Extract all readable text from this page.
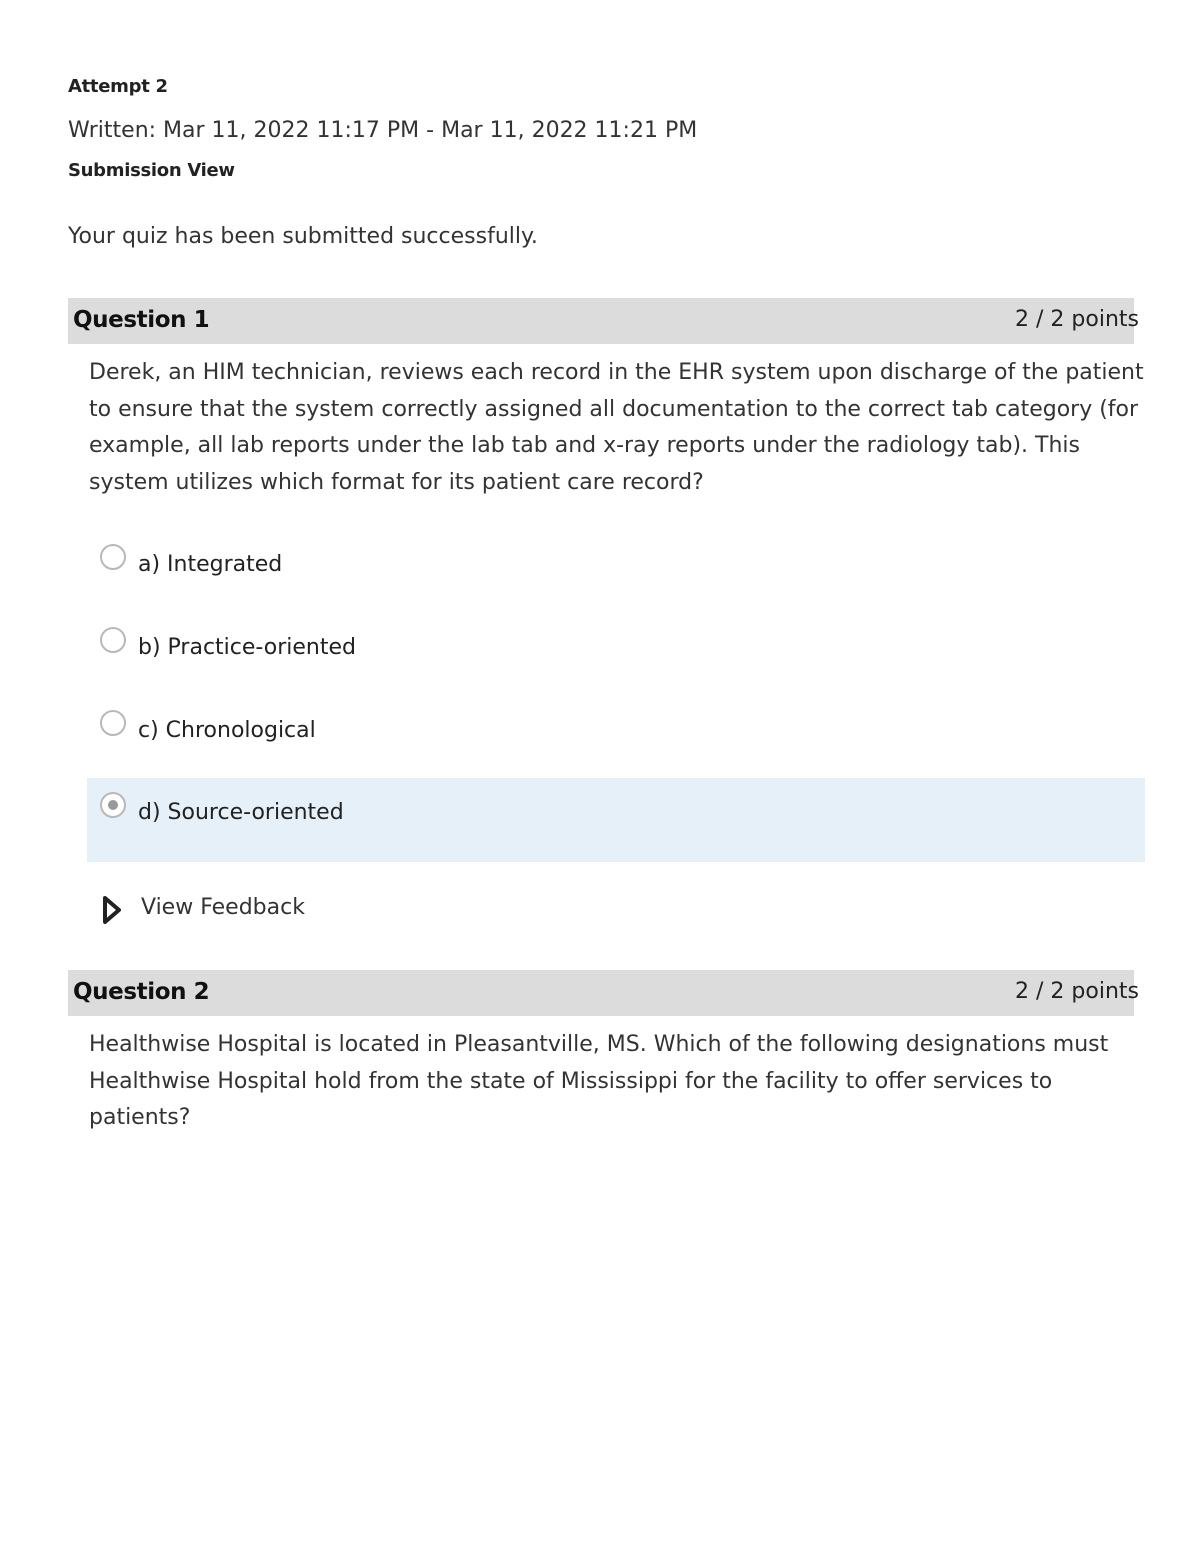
Attempt 2
Written: Mar 11, 2022 11:17 PM - Mar 11, 2022 11:21 PM
Submission View
Your quiz has been submitted successfully.
Question 1	2 / 2 points
Derek, an HIM technician, reviews each record in the EHR system upon discharge of the patient to ensure that the system correctly assigned all documentation to the correct tab category (for example, all lab reports under the lab tab and x-ray reports under the radiology tab). This system utilizes which format for its patient care record?
a) Integrated
b) Practice-oriented
c) Chronological
d) Source-oriented
View Feedback
Question 2	2 / 2 points
Healthwise Hospital is located in Pleasantville, MS. Which of the following designations must Healthwise Hospital hold from the state of Mississippi for the facility to offer services to patients?
